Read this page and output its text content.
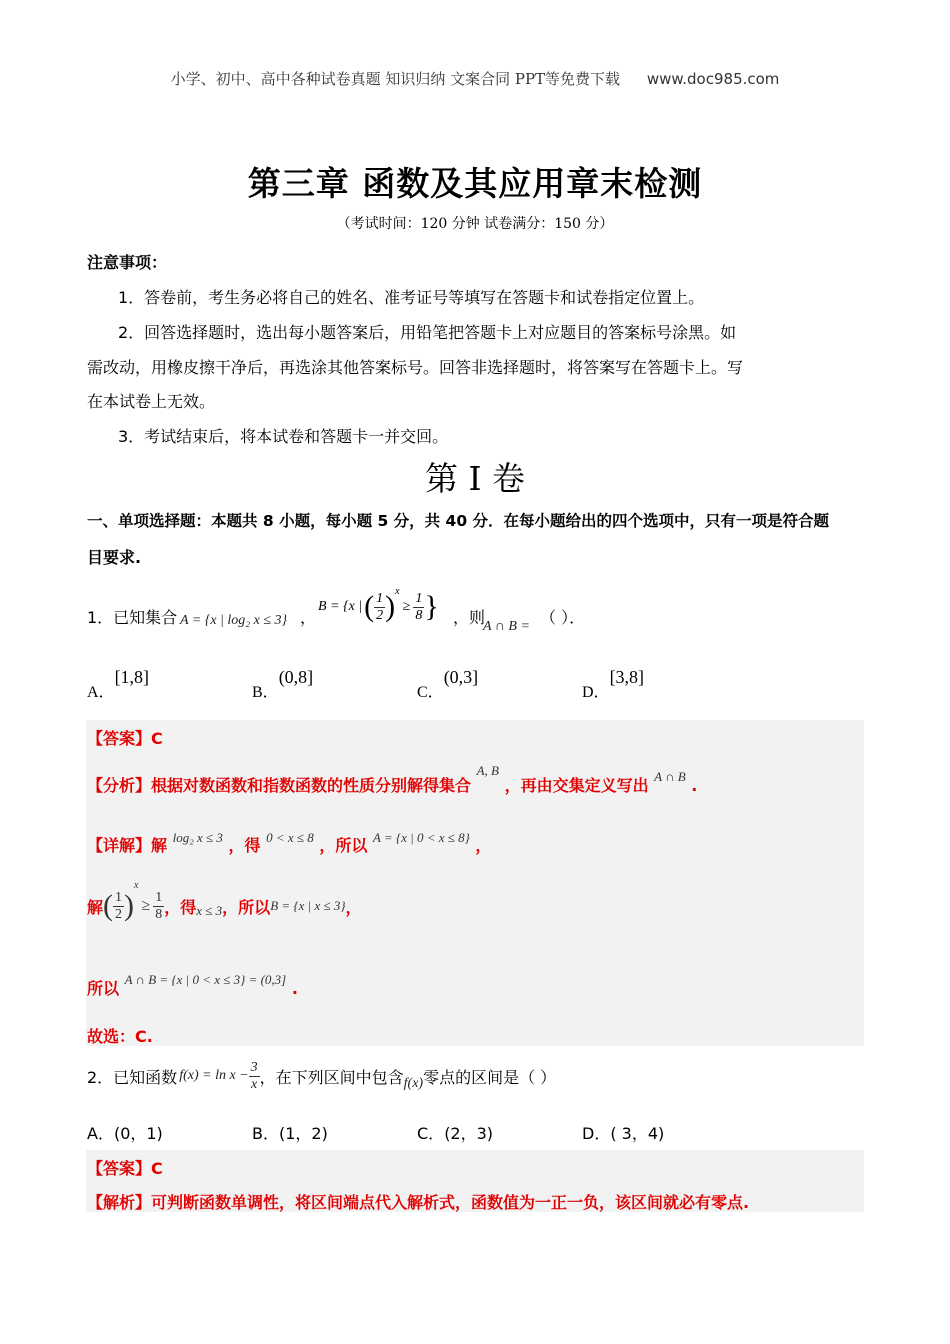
小学、初中、高中各种试卷真题 知识归纳 文案合同 PPT等免费下载 www.doc985.com
第三章 函数及其应用章末检测
（考试时间：120 分钟 试卷满分：150 分）
注意事项：
1．答卷前，考生务必将自己的姓名、准考证号等填写在答题卡和试卷指定位置上。
2．回答选择题时，选出每小题答案后，用铅笔把答题卡上对应题目的答案标号涂黑。如
需改动，用橡皮擦干净后，再选涂其他答案标号。回答非选择题时，将答案写在答题卡上。写
在本试卷上无效。
3．考试结束后，将本试卷和答题卡一并交回。
第 I 卷
一、单项选择题：本题共 8 小题，每小题 5 分，共 40 分．在每小题给出的四个选项中，只有一项是符合题
目要求.
1．已知集合 A = {x | log₂ x ≤ 3} ，
B = {x | ( $\frac{1}{2} )^x$
≥ $\frac{1}{8}$ } ，则
A ∩ B = （ ）．
A．[1,8]
B．(0,8]
C．(0,3]
D．[3,8]
【答案】C
【分析】根据对数函数和指数函数的性质分别解得集合 $^{A, B}$ ，再由交集定义写出 $^{A \cap B}$ .
【详解】解 $^{log_2 x \le 3}$ ，得 $^{0 < x \le 8}$ ，所以 $^{A = \{x | 0 < x \le 8\}}$ ，
解 ( $\frac{1}{2}$ )
$^x$
≥ $\frac{1}{8}$ ，得 x ≤ 3 ，所以 B = {x | x ≤ 3} ，
所以 $^{A \cap B = \{x | 0 < x \le 3\} = (0,3]}$ .
故选：C.
2．已知函数 $f(x) = \ln x - \frac{3}{x}$ ，在下列区间中包含 f(x) 零点的区间是（ ）
A．(0，1)	B．(1，2)	C．(2，3)	D．( 3，4)
【答案】C
【解析】可判断函数单调性，将区间端点代入解析式，函数值为一正一负，该区间就必有零点.
